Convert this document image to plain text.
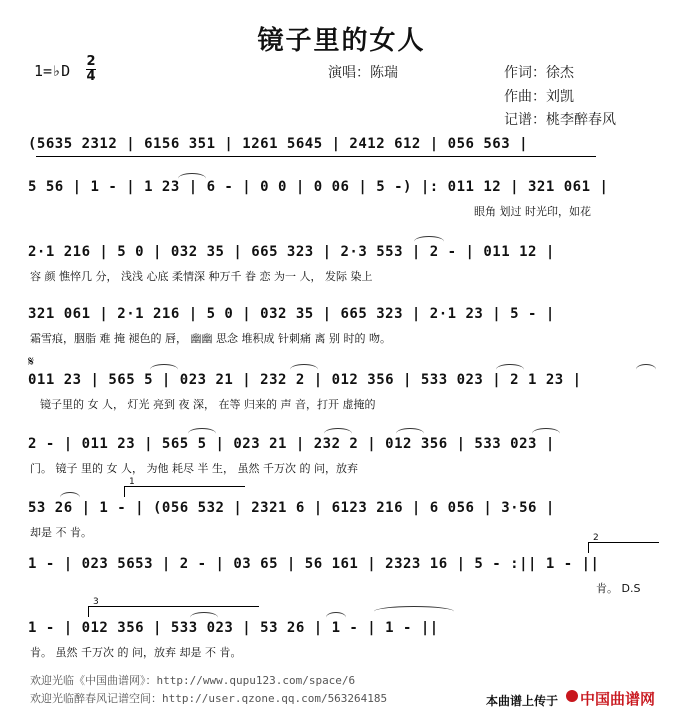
镜子里的女人
1=♭D
2
4	演唱：陈瑞	作词：徐杰
作曲：刘凯
记谱：桃李醉春风
(5635 2312 | 6156 351 | 1261 5645 | 2412 612 | 056 563 |
5 56 | 1 - | 1 23 | 6 - | 0 0 | 0 06 | 5 -) |: 011 12 | 321 061 |
眼角 划过 时光印，如花
2·1 216 | 5 0 | 032 35 | 665 323 | 2·3 553 | 2 - | 011 12 |
容 颜 憔悴几 分， 浅浅 心底 柔情深 种万千 眷 恋 为一 人， 发际 染上
321 061 | 2·1 216 | 5 0 | 032 35 | 665 323 | 2·1 23 | 5 - |
霜雪痕，胭脂 难 掩 褪色的 唇， 幽幽 思念 堆积成 针刺痛 离 别 时的 吻。
𝄋
011 23 | 565 5 | 023 21 | 232 2 | 012 356 | 533 023 | 2 1 23 |
镜子里的 女 人， 灯光 亮到 夜 深， 在等 归来的 声 音，打开 虚掩的
2 - | 011 23 | 565 5 | 023 21 | 232 2 | 012 356 | 533 023 |
门。 镜子 里的 女 人， 为他 耗尽 半 生， 虽然 千万次 的 问，放弃
1
53 26 | 1 - | (056 532 | 2321 6 | 6123 216 | 6 056 | 3·56 |
却是 不 肯。	2
1 - | 023 5653 | 2 - | 03 65 | 56 161 | 2323 16 | 5 - :|| 1 - ||
肯。 D.S
3
1 - | 012 356 | 533 023 | 53 26 | 1 - | 1 - ||
肯。 虽然 千万次 的 问，放弃 却是 不 肯。
欢迎光临《中国曲谱网》：http://www.qupu123.com/space/6
欢迎光临醉春风记谱空间：http://user.qzone.qq.com/563264185	本曲谱上传于 中国曲谱网
